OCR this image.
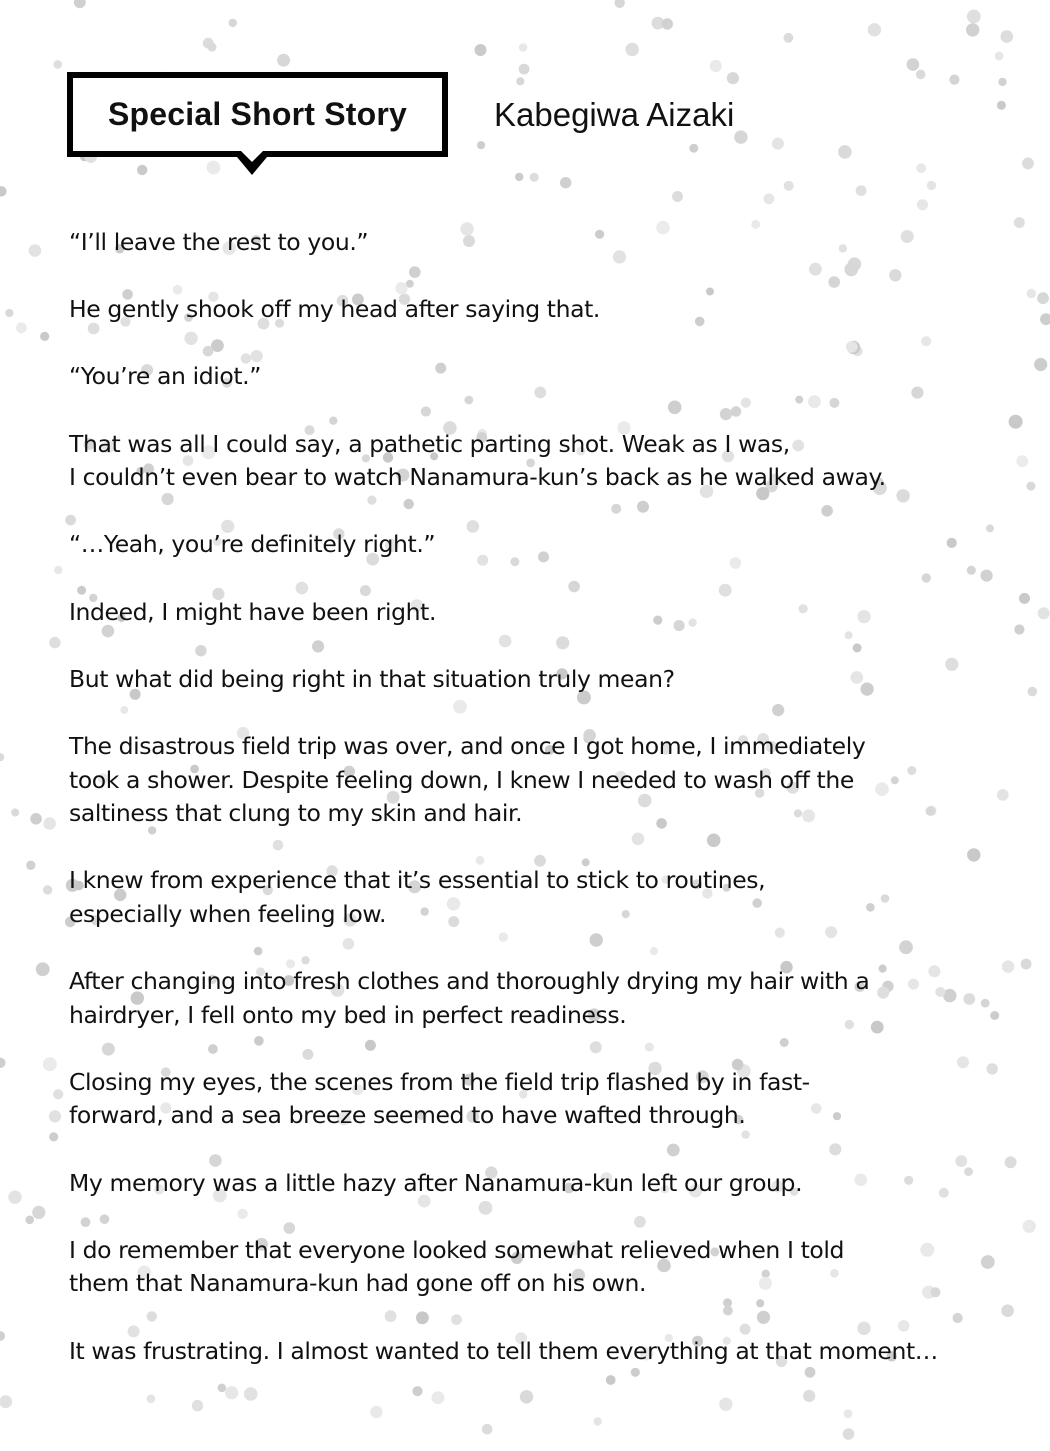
Special Short Story	Kabegiwa Aizaki

“I’ll leave the rest to you.”

He gently shook off my head after saying that.

“You’re an idiot.”

That was all I could say, a pathetic parting shot. Weak as I was,
I couldn’t even bear to watch Nanamura-kun’s back as he walked away.

“…Yeah, you’re definitely right.”

Indeed, I might have been right.

But what did being right in that situation truly mean?

The disastrous field trip was over, and once I got home, I immediately
took a shower. Despite feeling down, I knew I needed to wash off the
saltiness that clung to my skin and hair.

I knew from experience that it’s essential to stick to routines,
especially when feeling low.

After changing into fresh clothes and thoroughly drying my hair with a
hairdryer, I fell onto my bed in perfect readiness.

Closing my eyes, the scenes from the field trip flashed by in fast-
forward, and a sea breeze seemed to have wafted through.

My memory was a little hazy after Nanamura-kun left our group.

I do remember that everyone looked somewhat relieved when I told
them that Nanamura-kun had gone off on his own.

It was frustrating. I almost wanted to tell them everything at that moment…
